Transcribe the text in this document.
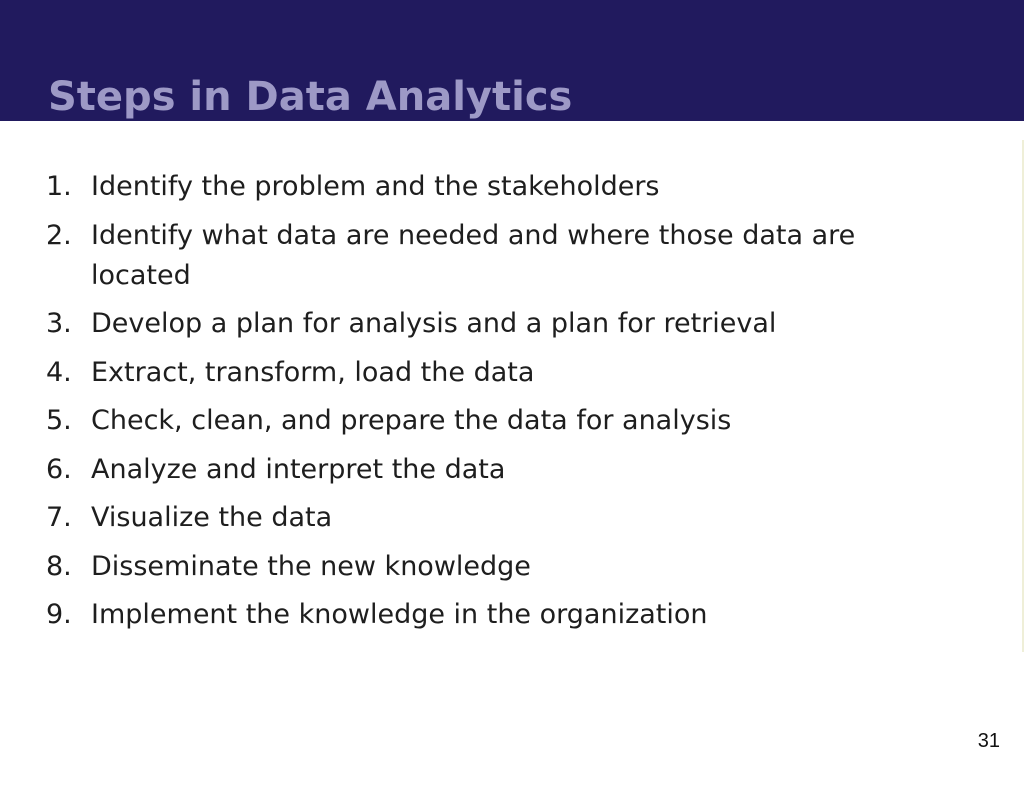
Steps in Data Analytics
1. Identify the problem and the stakeholders
2. Identify what data are needed and where those data are located
3. Develop a plan for analysis and a plan for retrieval
4. Extract, transform, load the data
5. Check, clean, and prepare the data for analysis
6. Analyze and interpret the data
7. Visualize the data
8. Disseminate the new knowledge
9. Implement the knowledge in the organization
31
